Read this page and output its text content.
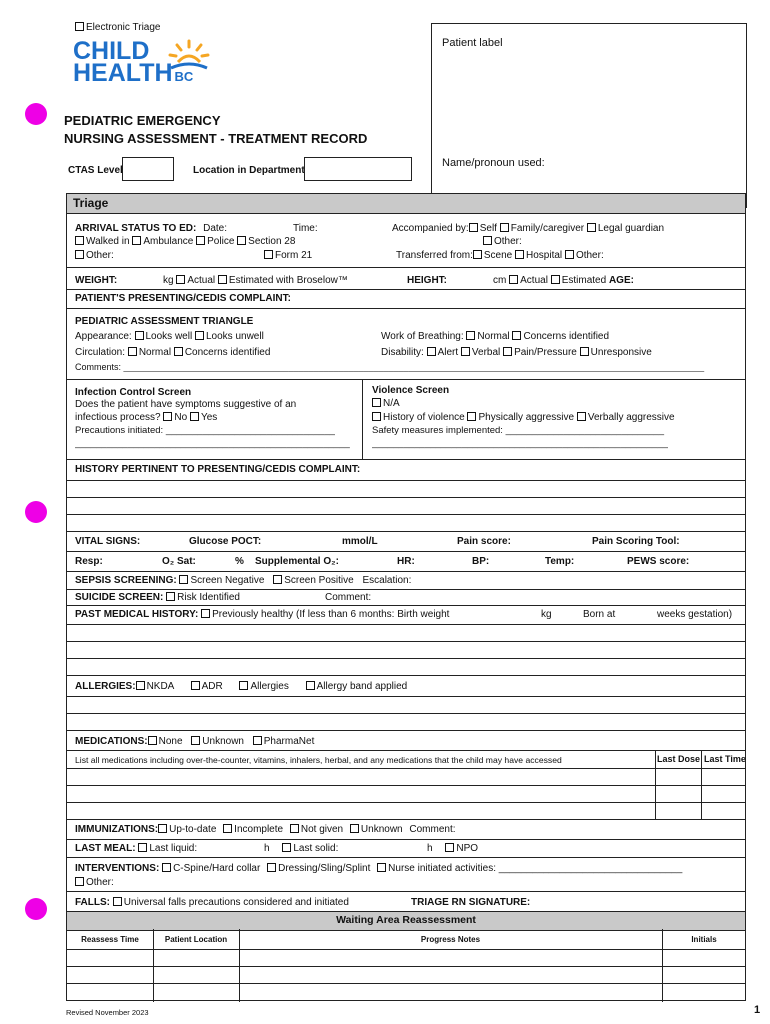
Electronic Triage
CHILD
HEALTH BC
PEDIATRIC EMERGENCY
NURSING ASSESSMENT - TREATMENT RECORD
CTAS Level	Location in Department
Patient label
Name/pronoun used:
Triage
ARRIVAL STATUS TO ED: Date:	Time:	Accompanied by: Self Family/caregiver Legal guardian
Walked in Ambulance Police Section 28	Other:
Other:	Form 21	Transferred from: Scene Hospital Other:
WEIGHT:	kg Actual Estimated with Broselow™	HEIGHT:	cm Actual Estimated AGE:
PATIENT'S PRESENTING/CEDIS COMPLAINT:
PEDIATRIC ASSESSMENT TRIANGLE
Appearance: Looks well Looks unwell	Work of Breathing: Normal Concerns identified
Circulation: Normal Concerns identified	Disability: Alert Verbal Pain/Pressure Unresponsive
Comments: ____________________________________________________________________________________________________________________
Infection Control Screen
Does the patient have symptoms suggestive of an
infectious process? No Yes
Precautions initiated: ________________________________
____________________________________________________
Violence Screen
N/A
History of violence Physically aggressive Verbally aggressive
Safety measures implemented: ______________________________
________________________________________________________
HISTORY PERTINENT TO PRESENTING/CEDIS COMPLAINT:
VITAL SIGNS:	Glucose POCT:	mmol/L	Pain score:	Pain Scoring Tool:
Resp:	O₂ Sat:	% Supplemental O₂:	HR:	BP:	Temp:	PEWS score:
SEPSIS SCREENING: Screen Negative Screen Positive Escalation:
SUICIDE SCREEN: Risk Identified	Comment:
PAST MEDICAL HISTORY: Previously healthy (If less than 6 months: Birth weight	kg	Born at	weeks gestation)
ALLERGIES: NKDA	ADR	Allergies	Allergy band applied
MEDICATIONS: None Unknown PharmaNet
List all medications including over-the-counter, vitamins, inhalers, herbal, and any medications that the child may have accessed	Last Dose Last Time
IMMUNIZATIONS: Up-to-date Incomplete Not given Unknown Comment:
LAST MEAL: Last liquid:	h Last solid:	h NPO
INTERVENTIONS: C-Spine/Hard collar Dressing/Sling/Splint Nurse initiated activities: _________________________________
Other:
FALLS: Universal falls precautions considered and initiated	TRIAGE RN SIGNATURE:
Waiting Area Reassessment
Reassess Time	Patient Location	Progress Notes	Initials
Revised November 2023	1
